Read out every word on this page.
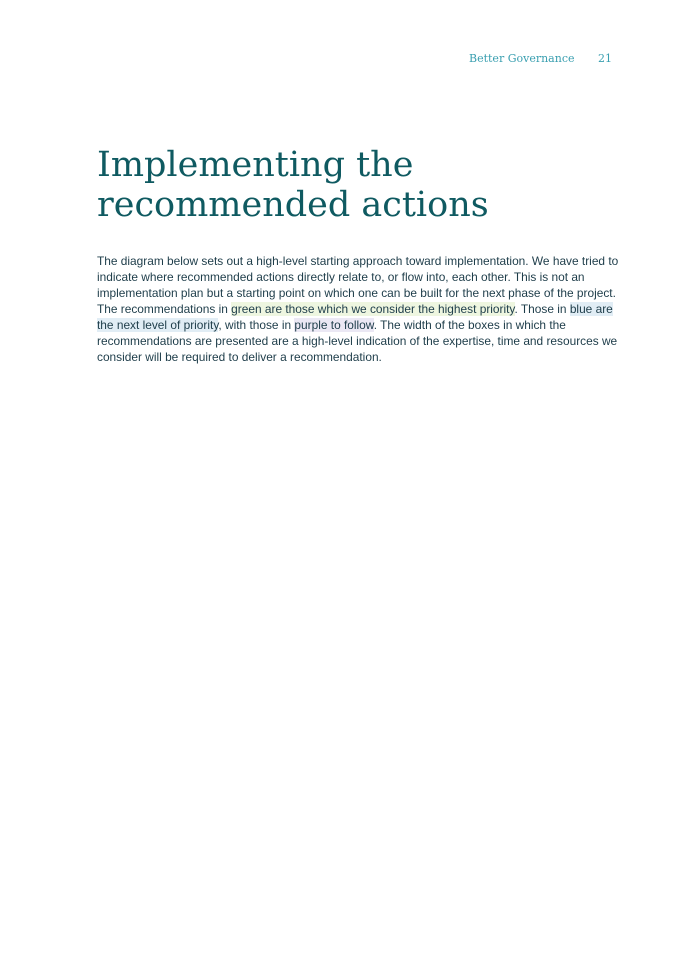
Better Governance 21
Implementing the recommended actions

The diagram below sets out a high-level starting approach toward implementation. We have tried to indicate where recommended actions directly relate to, or flow into, each other. This is not an implementation plan but a starting point on which one can be built for the next phase of the project. The recommendations in green are those which we consider the highest priority. Those in blue are the next level of priority, with those in purple to follow. The width of the boxes in which the recommendations are presented are a high-level indication of the expertise, time and resources we consider will be required to deliver a recommendation.
